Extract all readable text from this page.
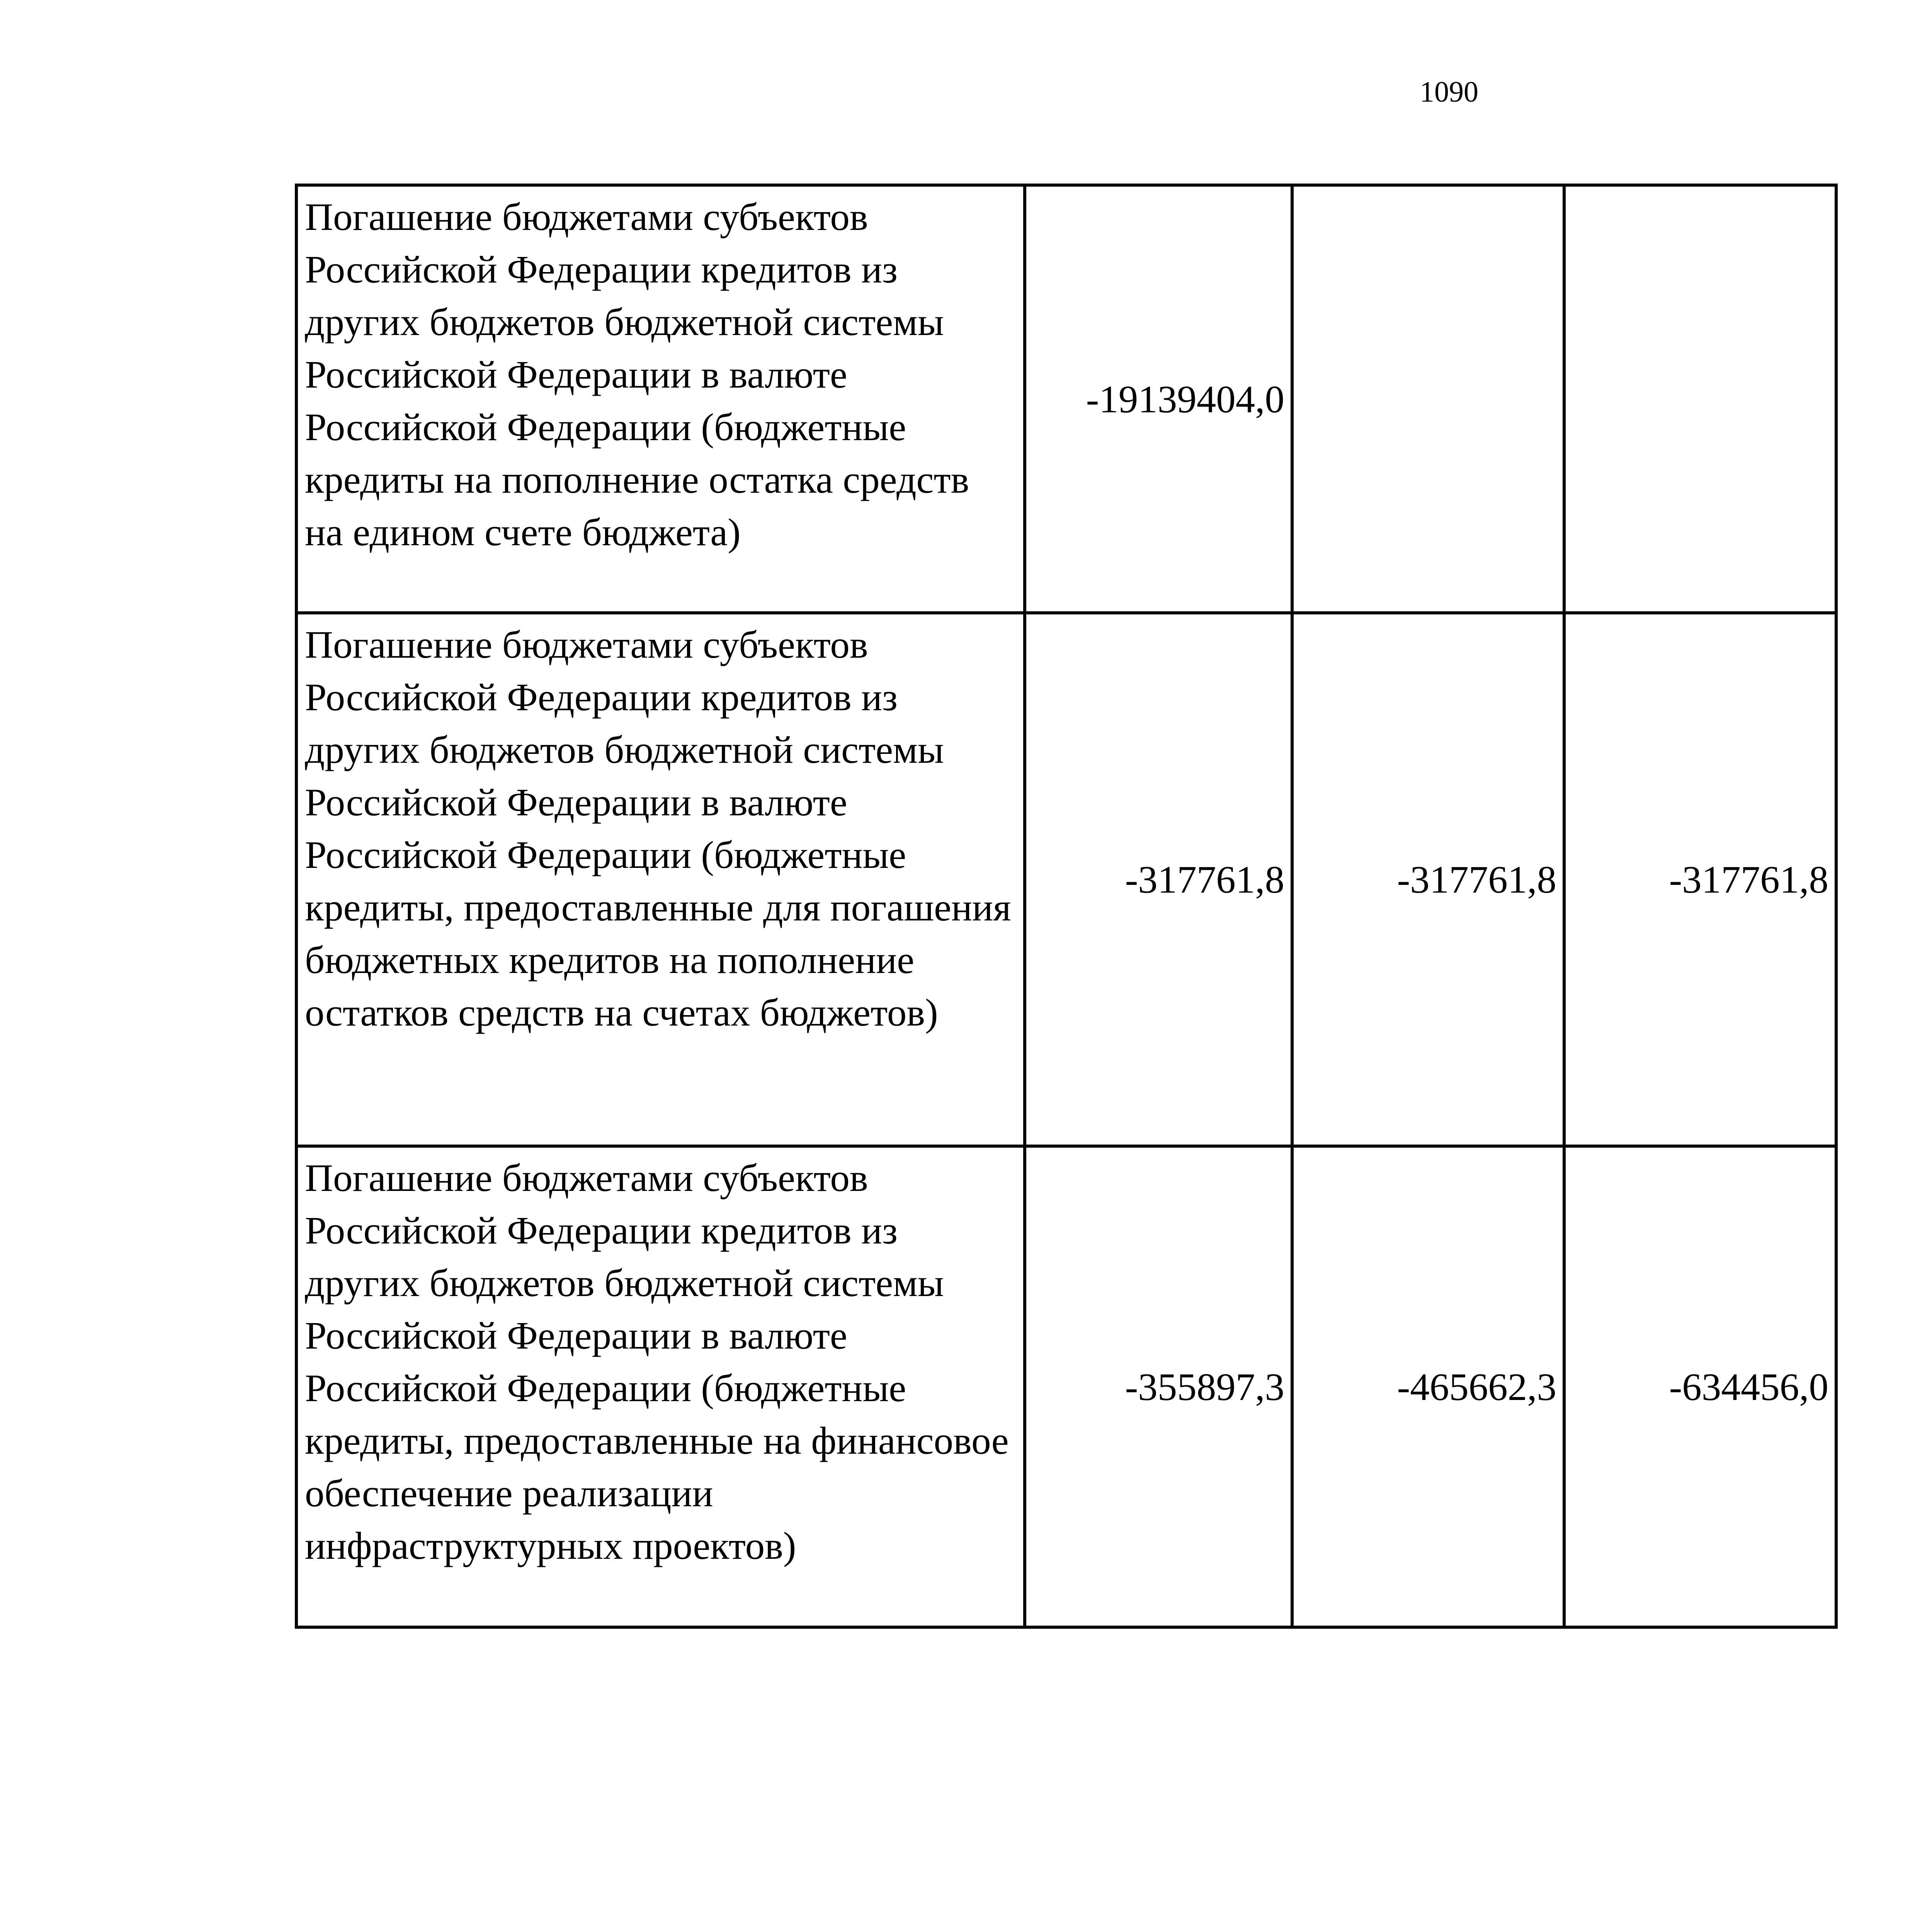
1090
Погашение бюджетами субъектов Российской Федерации кредитов из других бюджетов бюджетной системы Российской Федерации в валюте Российской Федерации (бюджетные кредиты на пополнение остатка средств на едином счете бюджета)	-19139404,0		
Погашение бюджетами субъектов Российской Федерации кредитов из других бюджетов бюджетной системы Российской Федерации в валюте Российской Федерации (бюджетные кредиты, предоставленные для погашения бюджетных кредитов на пополнение остатков средств на счетах бюджетов)	-317761,8	-317761,8	-317761,8
Погашение бюджетами субъектов Российской Федерации кредитов из других бюджетов бюджетной системы Российской Федерации в валюте Российской Федерации (бюджетные кредиты, предоставленные на финансовое обеспечение реализации инфраструктурных проектов)	-355897,3	-465662,3	-634456,0
